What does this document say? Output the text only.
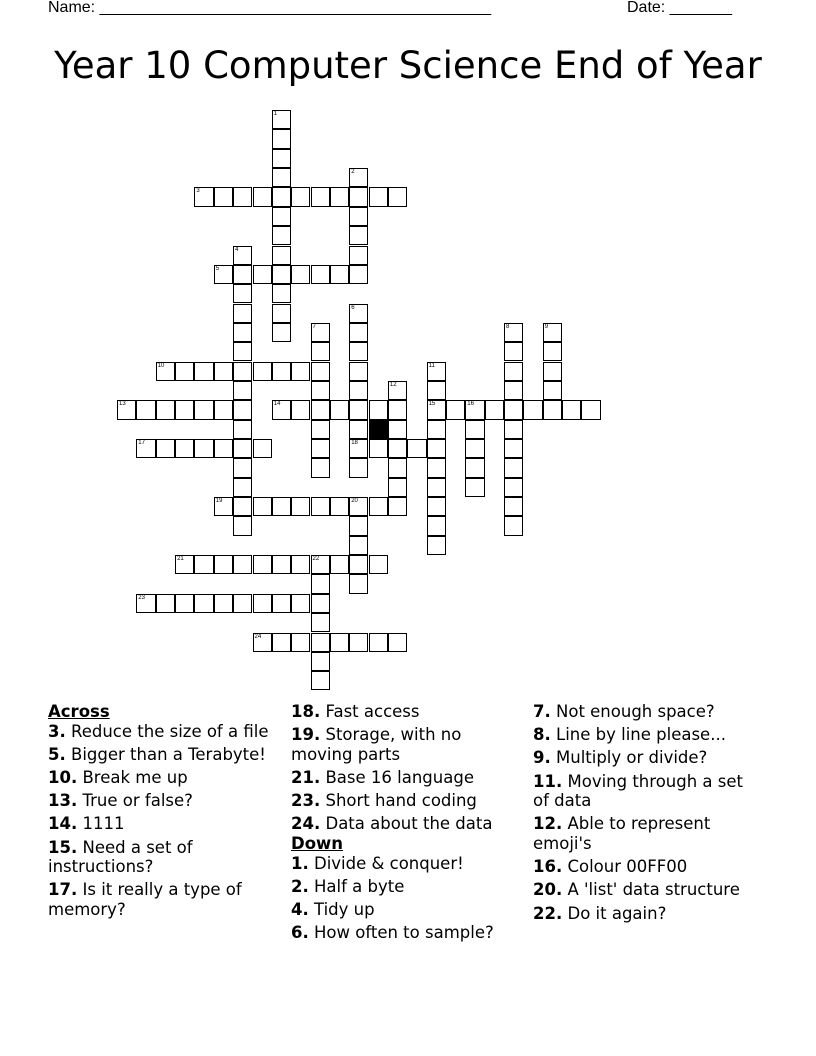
Name: ____________________________________________	Date: _______
Year 10 Computer Science End of Year
3
5
10
13	14	15	16
17	18
19	20
21	22
23
24
1
2
4
6
7	8	9
11
12
Across
3. Reduce the size of a file
5. Bigger than a Terabyte!
10. Break me up
13. True or false?
14. 1111
15. Need a set of instructions?
17. Is it really a type of memory?
18. Fast access
19. Storage, with no moving parts
21. Base 16 language
23. Short hand coding
24. Data about the data
Down
1. Divide & conquer!
2. Half a byte
4. Tidy up
6. How often to sample?
7. Not enough space?
8. Line by line please...
9. Multiply or divide?
11. Moving through a set of data
12. Able to represent emoji's
16. Colour 00FF00
20. A 'list' data structure
22. Do it again?
